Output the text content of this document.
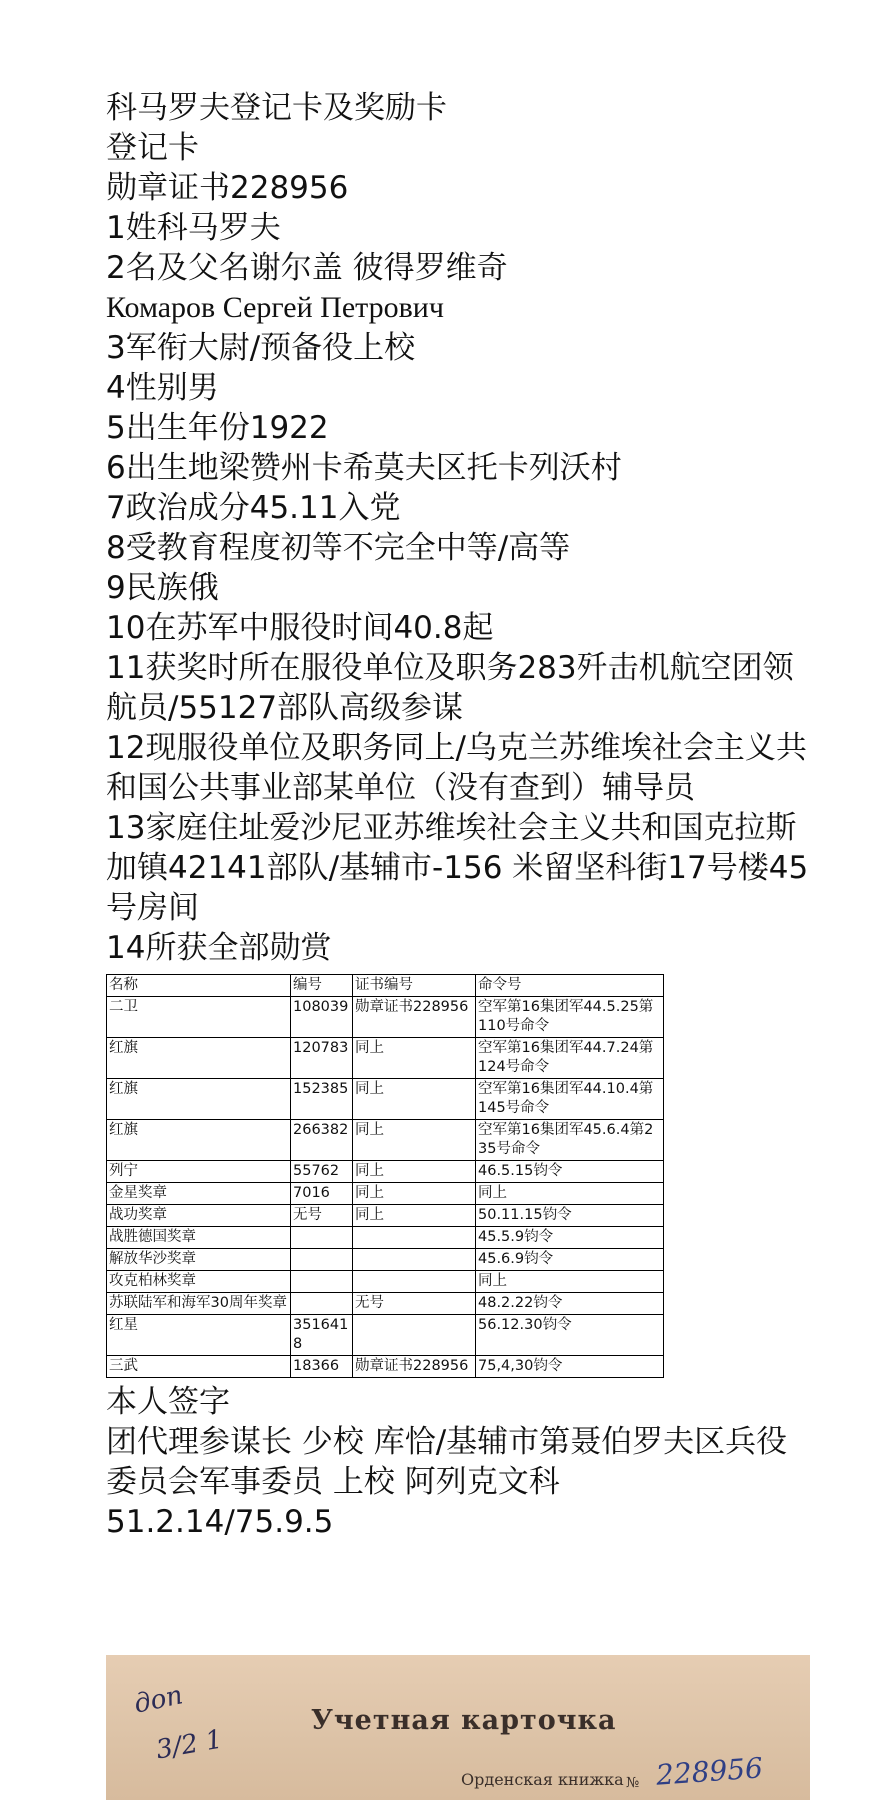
科马罗夫登记卡及奖励卡

登记卡

勋章证书228956

1姓科马罗夫

2名及父名谢尔盖 彼得罗维奇

Комаров Сергей Петрович

3军衔大尉/预备役上校

4性别男

5出生年份1922

6出生地梁赞州卡希莫夫区托卡列沃村

7政治成分45.11入党

8受教育程度初等不完全中等/高等

9民族俄

10在苏军中服役时间40.8起

11获奖时所在服役单位及职务283歼击机航空团领航员/55127部队高级参谋

12现服役单位及职务同上/乌克兰苏维埃社会主义共和国公共事业部某单位（没有查到）辅导员

13家庭住址爱沙尼亚苏维埃社会主义共和国克拉斯加镇42141部队/基辅市-156 米留坚科街17号楼45号房间

14所获全部勋赏

名称	编号	证书编号	命令号
二卫	108039	勋章证书228956	空军第16集团军44.5.25第110号命令
红旗	120783	同上	空军第16集团军44.7.24第124号命令
红旗	152385	同上	空军第16集团军44.10.4第145号命令
红旗	266382	同上	空军第16集团军45.6.4第235号命令
列宁	55762	同上	46.5.15钧令
金星奖章	7016	同上	同上
战功奖章	无号	同上	50.11.15钧令
战胜德国奖章			45.5.9钧令
解放华沙奖章			45.6.9钧令
攻克柏林奖章			同上
苏联陆军和海军30周年奖章		无号	48.2.22钧令
红星	3516418		56.12.30钧令
三武	18366	勋章证书228956	75,4,30钧令

本人签字

团代理参谋长 少校 库恰/基辅市第聂伯罗夫区兵役委员会军事委员 上校 阿列克文科

51.2.14/75.9.5

доп
3/2 1
Учетная карточка
Орденская книжка № 228956
